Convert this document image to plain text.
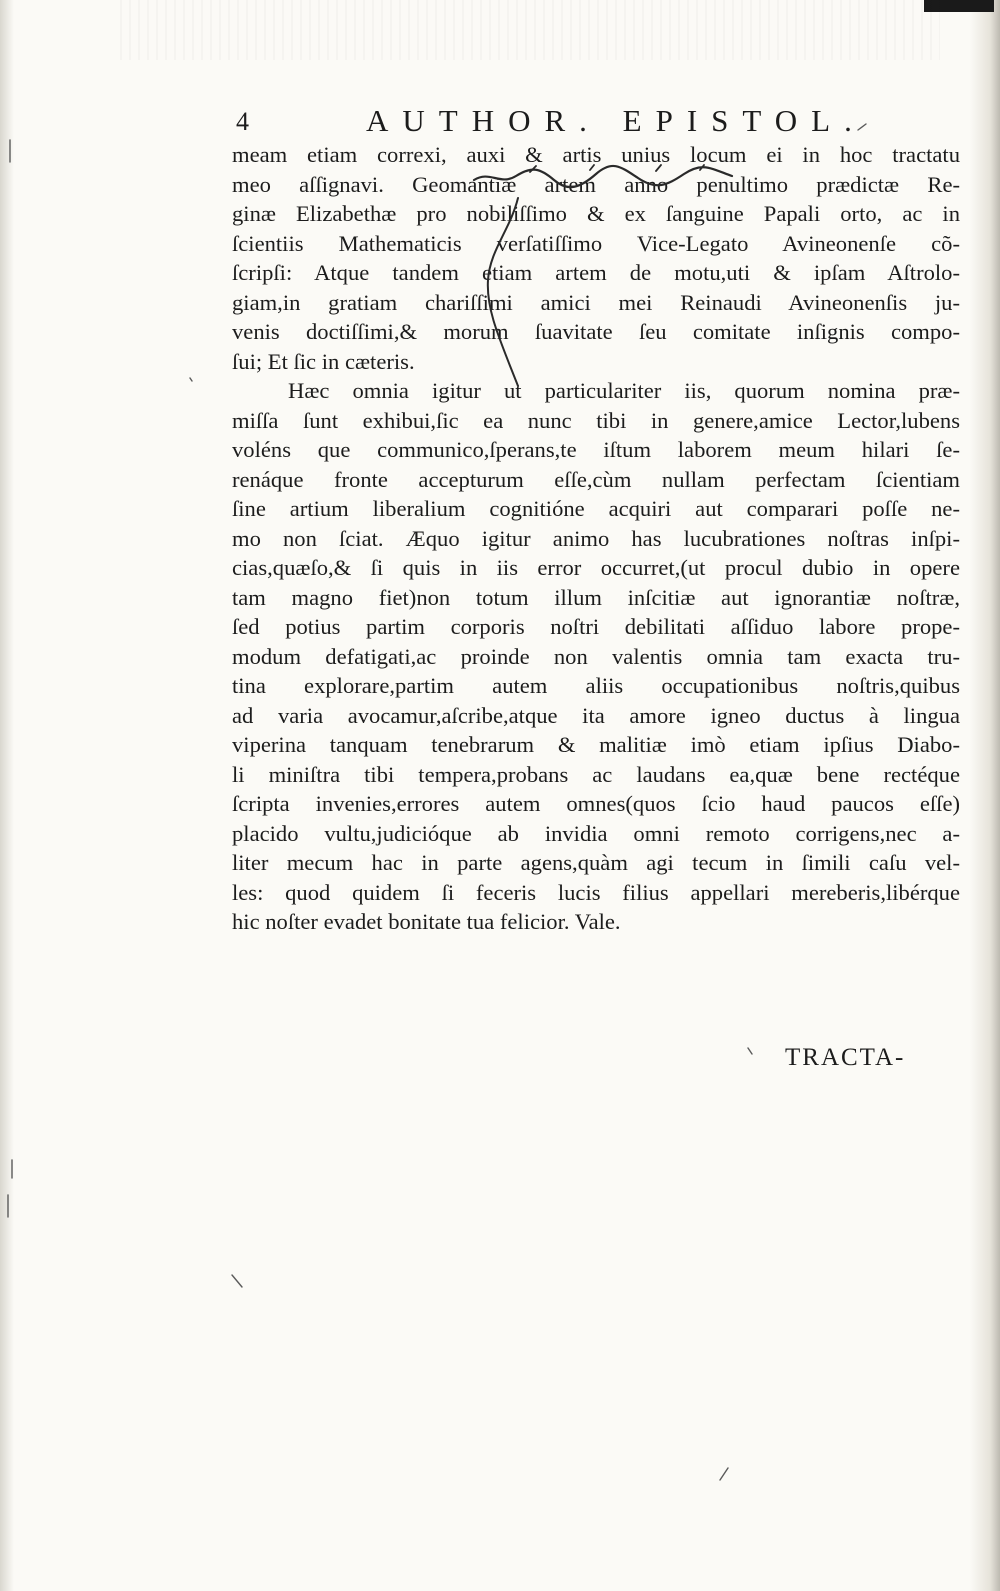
4	AUTHOR. EPISTOL.
meam etiam correxi, auxi & artis unius locum ei in hoc tractatu
meo aſſignavi. Geomantiæ artem anno penultimo prædictæ Re-
ginæ Elizabethæ pro nobiliſſimo & ex ſanguine Papali orto, ac in
ſcientiis Mathematicis verſatiſſimo Vice-Legato Avineonenſe cõ-
ſcripſi: Atque tandem etiam artem de motu,uti & ipſam Aſtrolo-
giam,in gratiam chariſſimi amici mei Reinaudi Avineonenſis ju-
venis doctiſſimi,& morum ſuavitate ſeu comitate inſignis compo-
ſui; Et ſic in cæteris.
Hæc omnia igitur ut particulariter iis, quorum nomina præ-
miſſa ſunt exhibui,ſic ea nunc tibi in genere,amice Lector,lubens
voléns que communico,ſperans,te iſtum laborem meum hilari ſe-
renáque fronte accepturum eſſe,cùm nullam perfectam ſcientiam
ſine artium liberalium cognitióne acquiri aut comparari poſſe ne-
mo non ſciat. Æquo igitur animo has lucubrationes noſtras inſpi-
cias,quæſo,& ſi quis in iis error occurret,(ut procul dubio in opere
tam magno fiet)non totum illum inſcitiæ aut ignorantiæ noſtræ,
ſed potius partim corporis noſtri debilitati aſſiduo labore prope-
modum defatigati,ac proinde non valentis omnia tam exacta tru-
tina explorare,partim autem aliis occupationibus noſtris,quibus
ad varia avocamur,aſcribe,atque ita amore igneo ductus à lingua
viperina tanquam tenebrarum & malitiæ imò etiam ipſius Diabo-
li miniſtra tibi tempera,probans ac laudans ea,quæ bene rectéque
ſcripta invenies,errores autem omnes(quos ſcio haud paucos eſſe)
placido vultu,judicióque ab invidia omni remoto corrigens,nec a-
liter mecum hac in parte agens,quàm agi tecum in ſimili caſu vel-
les: quod quidem ſi feceris lucis filius appellari mereberis,libérque
hic noſter evadet bonitate tua felicior. Vale.
TRACTA-
